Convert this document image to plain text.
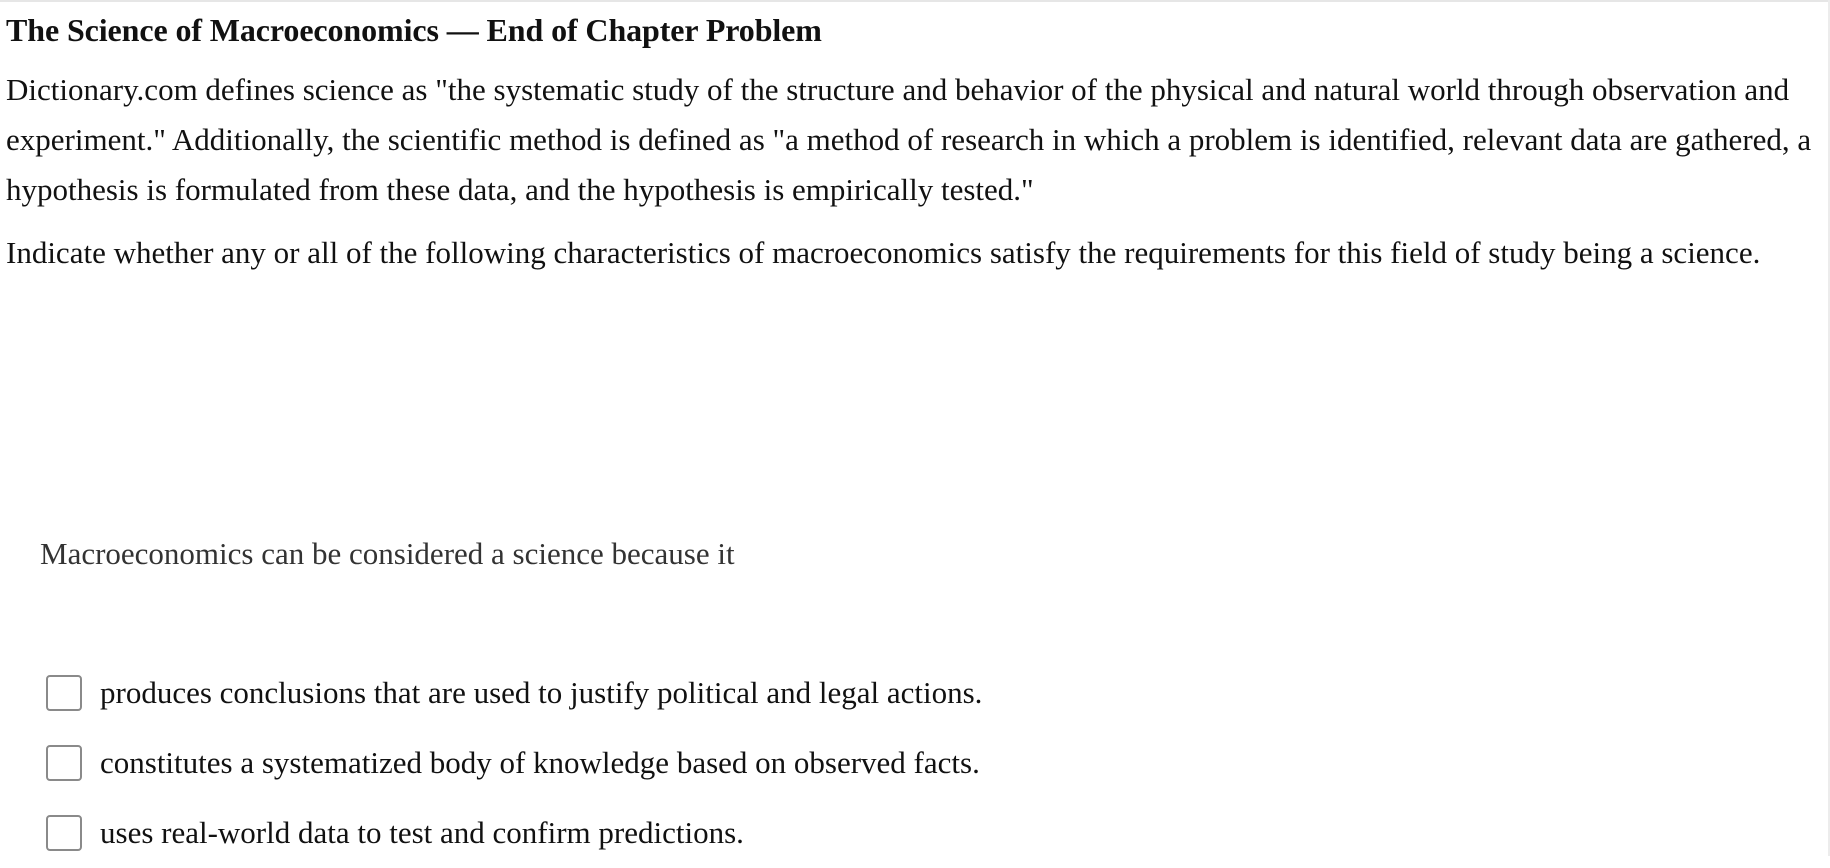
The Science of Macroeconomics — End of Chapter Problem

Dictionary.com defines science as "the systematic study of the structure and behavior of the physical and natural world through observation and experiment." Additionally, the scientific method is defined as "a method of research in which a problem is identified, relevant data are gathered, a hypothesis is formulated from these data, and the hypothesis is empirically tested."

Indicate whether any or all of the following characteristics of macroeconomics satisfy the requirements for this field of study being a science.

Macroeconomics can be considered a science because it

produces conclusions that are used to justify political and legal actions.
constitutes a systematized body of knowledge based on observed facts.
uses real-world data to test and confirm predictions.
